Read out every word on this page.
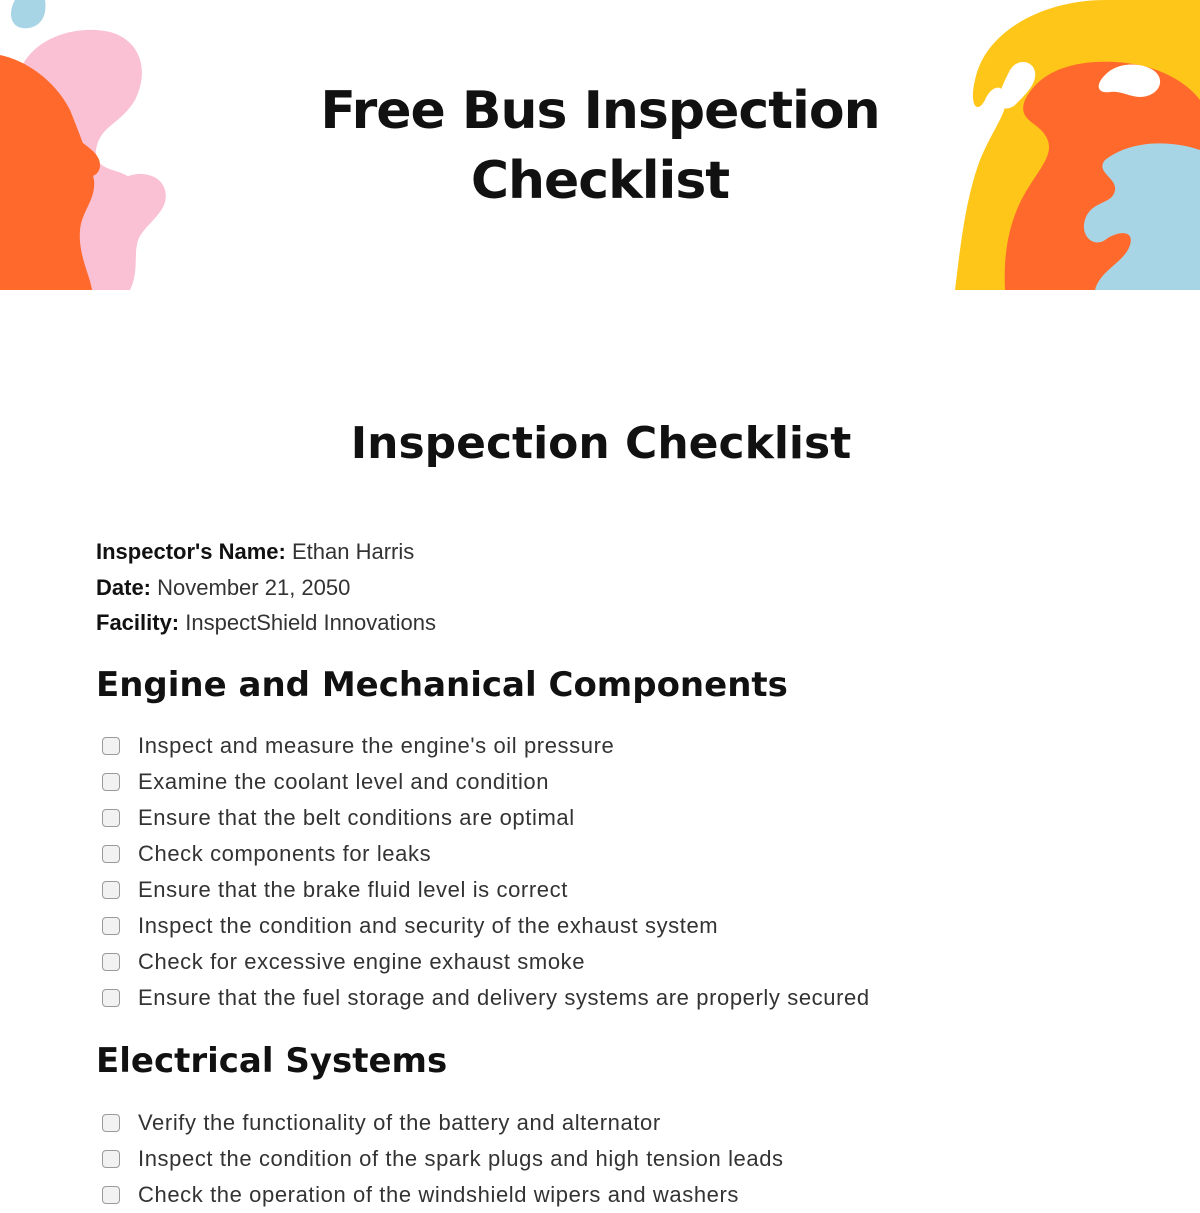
Free Bus Inspection
Checklist
Inspection Checklist
Inspector's Name: Ethan Harris
Date: November 21, 2050
Facility: InspectShield Innovations
Engine and Mechanical Components
Inspect and measure the engine's oil pressure
Examine the coolant level and condition
Ensure that the belt conditions are optimal
Check components for leaks
Ensure that the brake fluid level is correct
Inspect the condition and security of the exhaust system
Check for excessive engine exhaust smoke
Ensure that the fuel storage and delivery systems are properly secured
Electrical Systems
Verify the functionality of the battery and alternator
Inspect the condition of the spark plugs and high tension leads
Check the operation of the windshield wipers and washers
